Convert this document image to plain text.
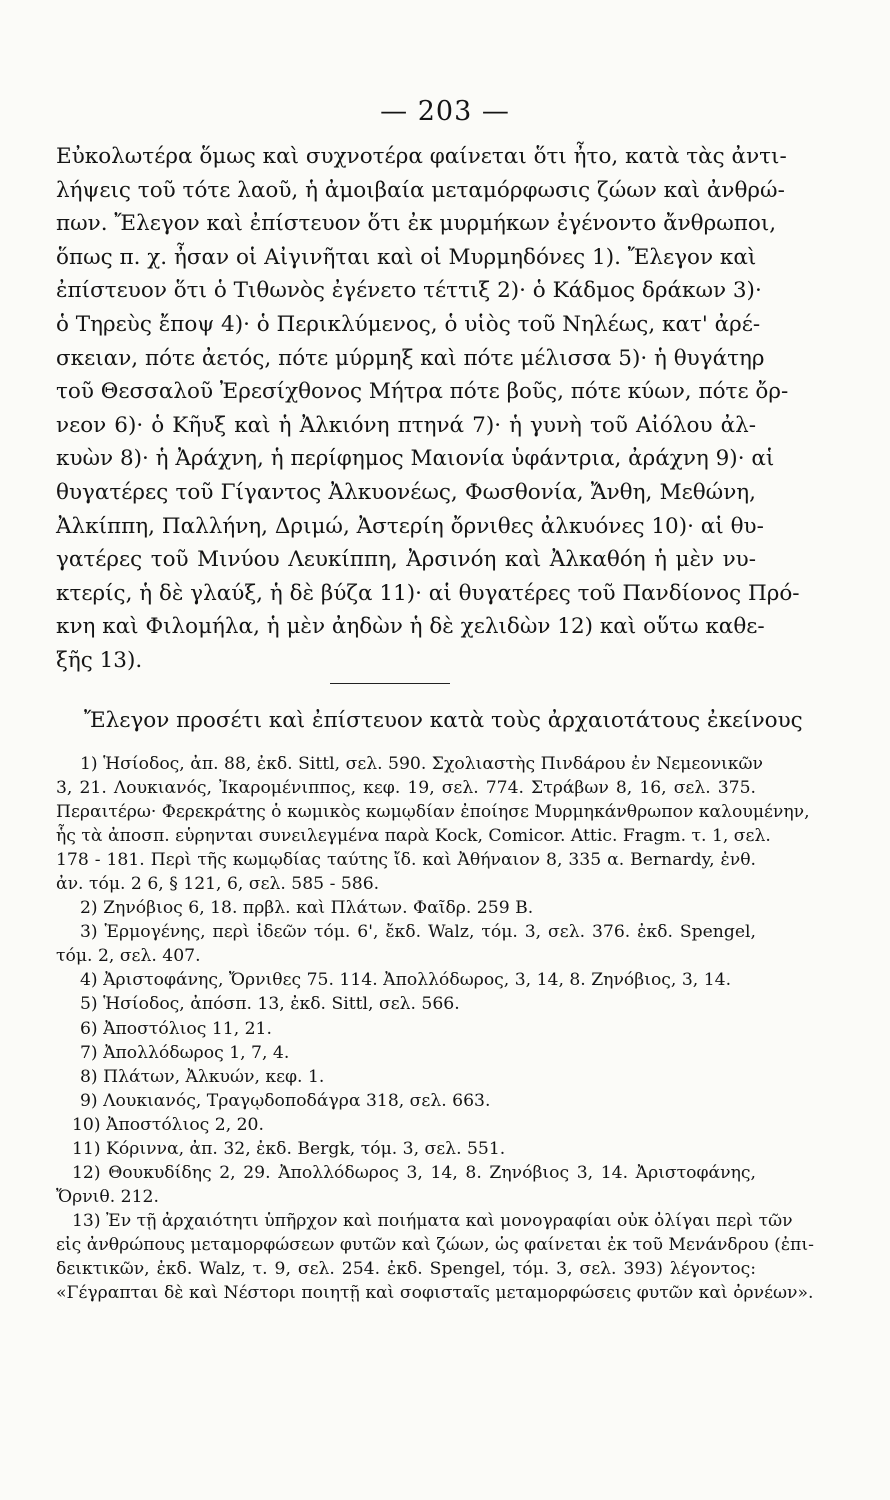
— 203 —
Εὐκολωτέρα ὅμως καὶ συχνοτέρα φαίνεται ὅτι ἦτο, κατὰ τὰς ἀντι-
λήψεις τοῦ τότε λαοῦ, ἡ ἀμοιβαία μεταμόρφωσις ζώων καὶ ἀνθρώ-
πων. Ἔλεγον καὶ ἐπίστευον ὅτι ἐκ μυρμήκων ἐγένοντο ἄνθρωποι,
ὅπως π. χ. ἦσαν οἱ Αἰγινῆται καὶ οἱ Μυρμηδόνες 1). Ἔλεγον καὶ
ἐπίστευον ὅτι ὁ Τιθωνὸς ἐγένετο τέττιξ 2)· ὁ Κάδμος δράκων 3)·
ὁ Τηρεὺς ἔποψ 4)· ὁ Περικλύμενος, ὁ υἱὸς τοῦ Νηλέως, κατ' ἀρέ-
σκειαν, πότε ἀετός, πότε μύρμηξ καὶ πότε μέλισσα 5)· ἡ θυγάτηρ
τοῦ Θεσσαλοῦ Ἐρεσίχθονος Μήτρα πότε βοῦς, πότε κύων, πότε ὄρ-
νεον 6)· ὁ Κῆυξ καὶ ἡ Ἀλκιόνη πτηνά 7)· ἡ γυνὴ τοῦ Αἰόλου ἀλ-
κυὼν 8)· ἡ Ἀράχνη, ἡ περίφημος Μαιονία ὑφάντρια, ἀράχνη 9)· αἱ
θυγατέρες τοῦ Γίγαντος Ἀλκυονέως, Φωσθονία, Ἄνθη, Μεθώνη,
Ἀλκίππη, Παλλήνη, Δριμώ, Ἀστερίη ὄρνιθες ἀλκυόνες 10)· αἱ θυ-
γατέρες τοῦ Μινύου Λευκίππη, Ἀρσινόη καὶ Ἀλκαθόη ἡ μὲν νυ-
κτερίς, ἡ δὲ γλαύξ, ἡ δὲ βύζα 11)· αἱ θυγατέρες τοῦ Πανδίονος Πρό-
κνη καὶ Φιλομήλα, ἡ μὲν ἀηδὼν ἡ δὲ χελιδὼν 12) καὶ οὕτω καθε-
ξῆς 13).
Ἔλεγον προσέτι καὶ ἐπίστευον κατὰ τοὺς ἀρχαιοτάτους ἐκείνους
1) Ἡσίοδος, ἀπ. 88, ἐκδ. Sittl, σελ. 590. Σχολιαστὴς Πινδάρου ἐν Νεμεονικῶν
3, 21. Λουκιανός, Ἰκαρομένιππος, κεφ. 19, σελ. 774. Στράβων 8, 16, σελ. 375.
Περαιτέρω· Φερεκράτης ὁ κωμικὸς κωμῳδίαν ἐποίησε Μυρμηκάνθρωπον καλουμένην,
ἧς τὰ ἀποσπ. εὑρηνται συνειλεγμένα παρὰ Kock, Comicor. Attic. Fragm. τ. 1, σελ.
178 - 181. Περὶ τῆς κωμῳδίας ταύτης ἴδ. καὶ Ἀθήναιον 8, 335 α. Bernardy, ἐνθ.
ἀν. τόμ. 2 6, § 121, 6, σελ. 585 - 586.
2) Ζηνόβιος 6, 18. πρβλ. καὶ Πλάτων. Φαῖδρ. 259 B.
3) Ἑρμογένης, περὶ ἰδεῶν τόμ. 6', ἔκδ. Walz, τόμ. 3, σελ. 376. ἐκδ. Spengel,
τόμ. 2, σελ. 407.
4) Ἀριστοφάνης, Ὄρνιθες 75. 114. Ἀπολλόδωρος, 3, 14, 8. Ζηνόβιος, 3, 14.
5) Ἡσίοδος, ἀπόσπ. 13, ἐκδ. Sittl, σελ. 566.
6) Ἀποστόλιος 11, 21.
7) Ἀπολλόδωρος 1, 7, 4.
8) Πλάτων, Ἀλκυών, κεφ. 1.
9) Λουκιανός, Τραγῳδοποδάγρα 318, σελ. 663.
10) Ἀποστόλιος 2, 20.
11) Κόριννα, ἀπ. 32, ἐκδ. Bergk, τόμ. 3, σελ. 551.
12) Θουκυδίδης 2, 29. Ἀπολλόδωρος 3, 14, 8. Ζηνόβιος 3, 14. Ἀριστοφάνης,
Ὄρνιθ. 212.
13) Ἐν τῇ ἀρχαιότητι ὑπῆρχον καὶ ποιήματα καὶ μονογραφίαι οὐκ ὀλίγαι περὶ τῶν
εἰς ἀνθρώπους μεταμορφώσεων φυτῶν καὶ ζώων, ὡς φαίνεται ἐκ τοῦ Μενάνδρου (ἐπι-
δεικτικῶν, ἐκδ. Walz, τ. 9, σελ. 254. ἐκδ. Spengel, τόμ. 3, σελ. 393) λέγοντος:
«Γέγραπται δὲ καὶ Νέστορι ποιητῇ καὶ σοφισταῖς μεταμορφώσεις φυτῶν καὶ ὀρνέων».
